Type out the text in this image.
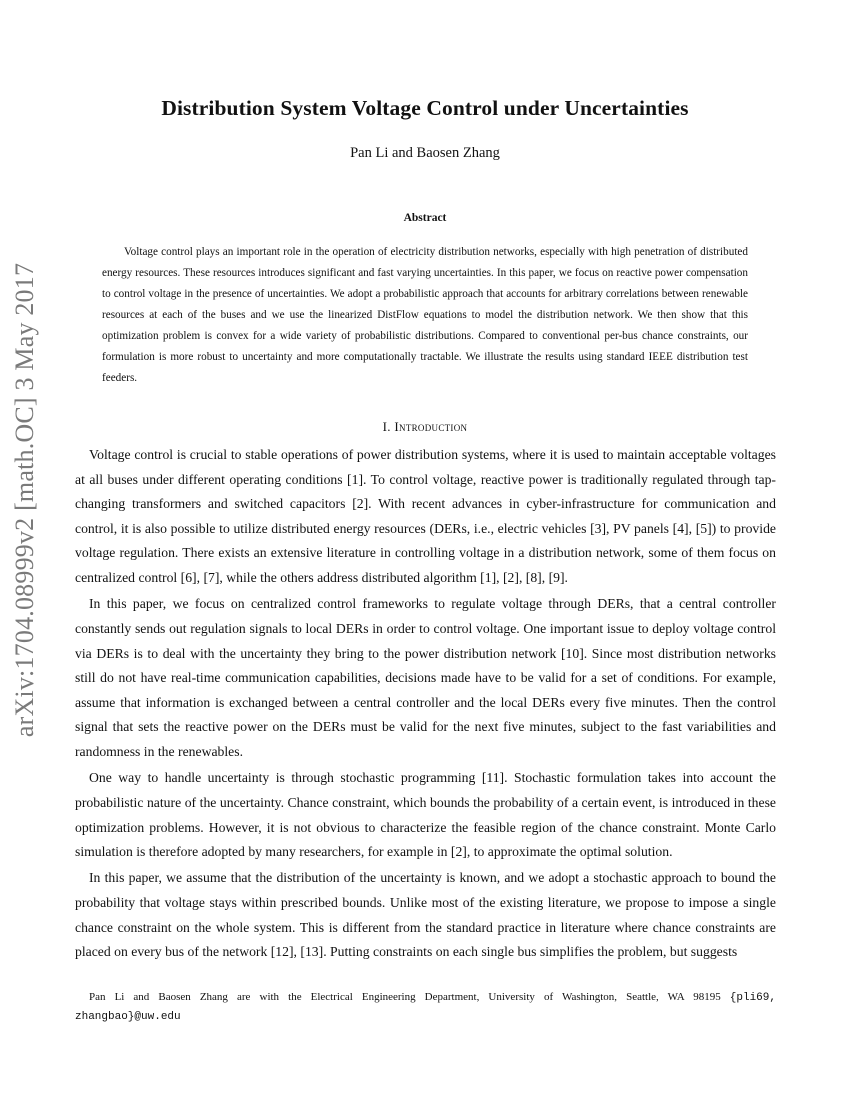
arXiv:1704.08999v2 [math.OC] 3 May 2017
Distribution System Voltage Control under Uncertainties
Pan Li and Baosen Zhang
Abstract

Voltage control plays an important role in the operation of electricity distribution networks, especially with high penetration of distributed energy resources. These resources introduces significant and fast varying uncertainties. In this paper, we focus on reactive power compensation to control voltage in the presence of uncertainties. We adopt a probabilistic approach that accounts for arbitrary correlations between renewable resources at each of the buses and we use the linearized DistFlow equations to model the distribution network. We then show that this optimization problem is convex for a wide variety of probabilistic distributions. Compared to conventional per-bus chance constraints, our formulation is more robust to uncertainty and more computationally tractable. We illustrate the results using standard IEEE distribution test feeders.

I. Introduction

Voltage control is crucial to stable operations of power distribution systems, where it is used to maintain acceptable voltages at all buses under different operating conditions [1]. To control voltage, reactive power is traditionally regulated through tap-changing transformers and switched capacitors [2]. With recent advances in cyber-infrastructure for communication and control, it is also possible to utilize distributed energy resources (DERs, i.e., electric vehicles [3], PV panels [4], [5]) to provide voltage regulation. There exists an extensive literature in controlling voltage in a distribution network, some of them focus on centralized control [6], [7], while the others address distributed algorithm [1], [2], [8], [9].

In this paper, we focus on centralized control frameworks to regulate voltage through DERs, that a central controller constantly sends out regulation signals to local DERs in order to control voltage. One important issue to deploy voltage control via DERs is to deal with the uncertainty they bring to the power distribution network [10]. Since most distribution networks still do not have real-time communication capabilities, decisions made have to be valid for a set of conditions. For example, assume that information is exchanged between a central controller and the local DERs every five minutes. Then the control signal that sets the reactive power on the DERs must be valid for the next five minutes, subject to the fast variabilities and randomness in the renewables.

One way to handle uncertainty is through stochastic programming [11]. Stochastic formulation takes into account the probabilistic nature of the uncertainty. Chance constraint, which bounds the probability of a certain event, is introduced in these optimization problems. However, it is not obvious to characterize the feasible region of the chance constraint. Monte Carlo simulation is therefore adopted by many researchers, for example in [2], to approximate the optimal solution.

In this paper, we assume that the distribution of the uncertainty is known, and we adopt a stochastic approach to bound the probability that voltage stays within prescribed bounds. Unlike most of the existing literature, we propose to impose a single chance constraint on the whole system. This is different from the standard practice in literature where chance constraints are placed on every bus of the network [12], [13]. Putting constraints on each single bus simplifies the problem, but suggests

Pan Li and Baosen Zhang are with the Electrical Engineering Department, University of Washington, Seattle, WA 98195 {pli69, zhangbao}@uw.edu
